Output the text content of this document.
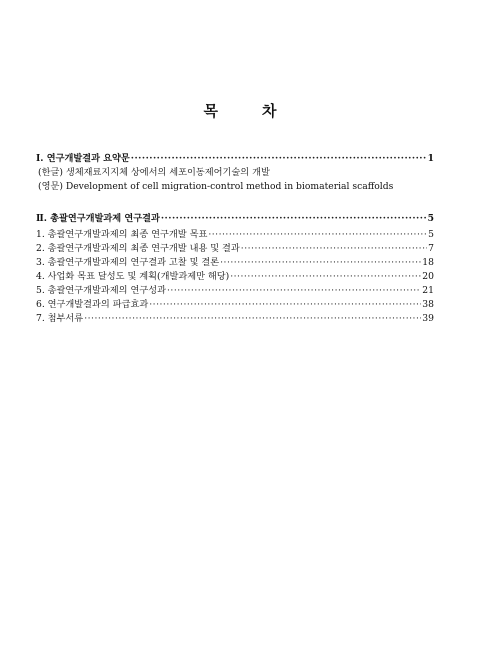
목	차
Ⅰ. 연구개발결과 요약문 ·····	1
(한글) 생체재료지지체 상에서의 세포이동제어기술의 개발
(영문) Development of cell migration-control method in biomaterial scaffolds
Ⅱ. 총괄연구개발과제 연구결과 ·····	5
1. 총괄연구개발과제의 최종 연구개발 목표 ·····	5
2. 총괄연구개발과제의 최종 연구개발 내용 및 결과 ·····	7
3. 총괄연구개발과제의 연구결과 고찰 및 결론 ·····	18
4. 사업화 목표 달성도 및 계획(개발과제만 해당) ·····	20
5. 총괄연구개발과제의 연구성과 ·····	21
6. 연구개발결과의 파급효과 ·····	38
7. 첨부서류 ·····	39
